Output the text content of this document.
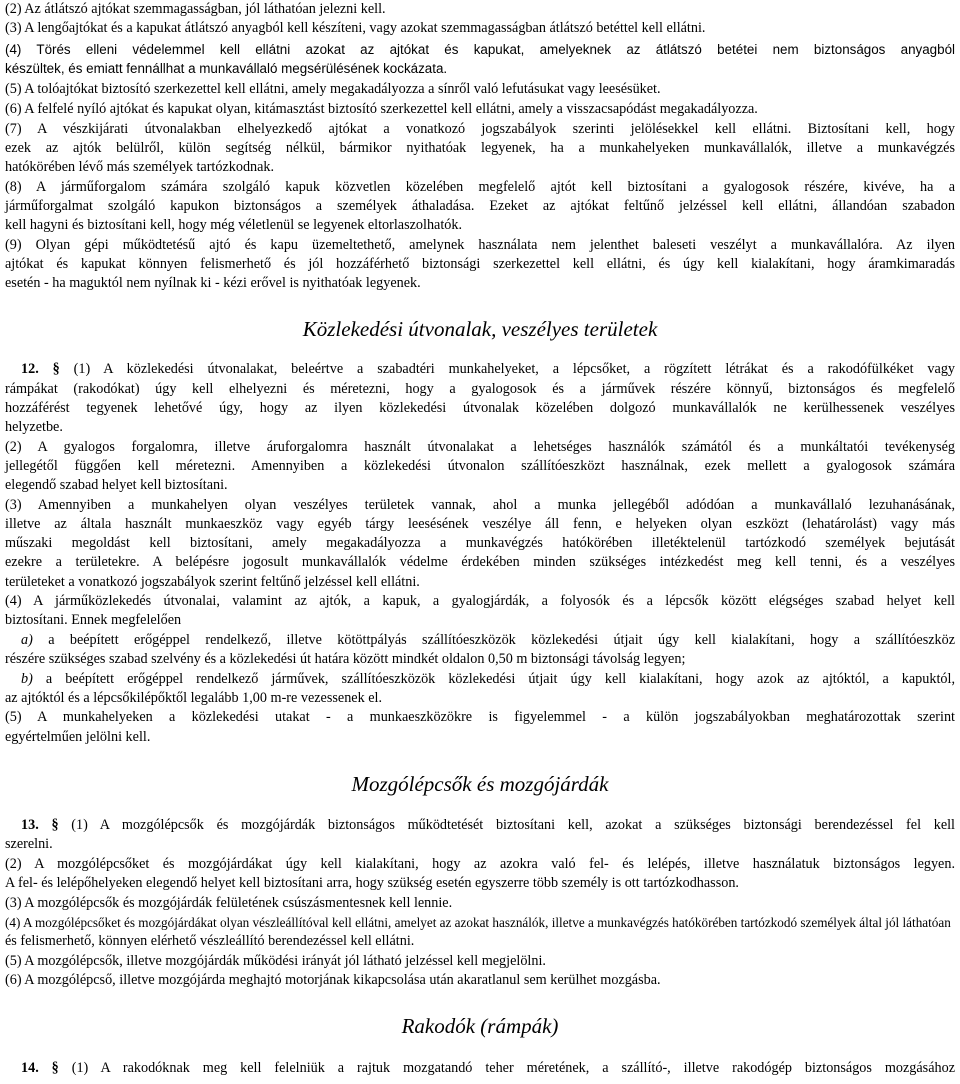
(2) Az átlátszó ajtókat szemmagasságban, jól láthatóan jelezni kell.
(3) A lengőajtókat és a kapukat átlátszó anyagból kell készíteni, vagy azokat szemmagasságban átlátszó betéttel kell ellátni.
(4) Törés elleni védelemmel kell ellátni azokat az ajtókat és kapukat, amelyeknek az átlátszó betétei nem biztonságos anyagból
készültek, és emiatt fennállhat a munkavállaló megsérülésének kockázata.
(5) A tolóajtókat biztosító szerkezettel kell ellátni, amely megakadályozza a sínről való lefutásukat vagy leesésüket.
(6) A felfelé nyíló ajtókat és kapukat olyan, kitámasztást biztosító szerkezettel kell ellátni, amely a visszacsapódást megakadályozza.
(7) A vészkijárati útvonalakban elhelyezkedő ajtókat a vonatkozó jogszabályok szerinti jelölésekkel kell ellátni. Biztosítani kell, hogy
ezek az ajtók belülről, külön segítség nélkül, bármikor nyithatóak legyenek, ha a munkahelyeken munkavállalók, illetve a munkavégzés
hatókörében lévő más személyek tartózkodnak.
(8) A járműforgalom számára szolgáló kapuk közvetlen közelében megfelelő ajtót kell biztosítani a gyalogosok részére, kivéve, ha a
járműforgalmat szolgáló kapukon biztonságos a személyek áthaladása. Ezeket az ajtókat feltűnő jelzéssel kell ellátni, állandóan szabadon
kell hagyni és biztosítani kell, hogy még véletlenül se legyenek eltorlaszolhatók.
(9) Olyan gépi működtetésű ajtó és kapu üzemeltethető, amelynek használata nem jelenthet baleseti veszélyt a munkavállalóra. Az ilyen
ajtókat és kapukat könnyen felismerhető és jól hozzáférhető biztonsági szerkezettel kell ellátni, és úgy kell kialakítani, hogy áramkimaradás
esetén - ha maguktól nem nyílnak ki - kézi erővel is nyithatóak legyenek.
Közlekedési útvonalak, veszélyes területek
12. § (1) A közlekedési útvonalakat, beleértve a szabadtéri munkahelyeket, a lépcsőket, a rögzített létrákat és a rakodófülkéket vagy
rámpákat (rakodókat) úgy kell elhelyezni és méretezni, hogy a gyalogosok és a járművek részére könnyű, biztonságos és megfelelő
hozzáférést tegyenek lehetővé úgy, hogy az ilyen közlekedési útvonalak közelében dolgozó munkavállalók ne kerülhessenek veszélyes
helyzetbe.
(2) A gyalogos forgalomra, illetve áruforgalomra használt útvonalakat a lehetséges használók számától és a munkáltatói tevékenység
jellegétől függően kell méretezni. Amennyiben a közlekedési útvonalon szállítóeszközt használnak, ezek mellett a gyalogosok számára
elegendő szabad helyet kell biztosítani.
(3) Amennyiben a munkahelyen olyan veszélyes területek vannak, ahol a munka jellegéből adódóan a munkavállaló lezuhanásának,
illetve az általa használt munkaeszköz vagy egyéb tárgy leesésének veszélye áll fenn, e helyeken olyan eszközt (lehatárolást) vagy más
műszaki megoldást kell biztosítani, amely megakadályozza a munkavégzés hatókörében illetéktelenül tartózkodó személyek bejutását
ezekre a területekre. A belépésre jogosult munkavállalók védelme érdekében minden szükséges intézkedést meg kell tenni, és a veszélyes
területeket a vonatkozó jogszabályok szerint feltűnő jelzéssel kell ellátni.
(4) A járműközlekedés útvonalai, valamint az ajtók, a kapuk, a gyalogjárdák, a folyosók és a lépcsők között elégséges szabad helyet kell
biztosítani. Ennek megfelelően
a) a beépített erőgéppel rendelkező, illetve kötöttpályás szállítóeszközök közlekedési útjait úgy kell kialakítani, hogy a szállítóeszköz
részére szükséges szabad szelvény és a közlekedési út határa között mindkét oldalon 0,50 m biztonsági távolság legyen;
b) a beépített erőgéppel rendelkező járművek, szállítóeszközök közlekedési útjait úgy kell kialakítani, hogy azok az ajtóktól, a kapuktól,
az ajtóktól és a lépcsőkilépőktől legalább 1,00 m-re vezessenek el.
(5) A munkahelyeken a közlekedési utakat - a munkaeszközökre is figyelemmel - a külön jogszabályokban meghatározottak szerint
egyértelműen jelölni kell.
Mozgólépcsők és mozgójárdák
13. § (1) A mozgólépcsők és mozgójárdák biztonságos működtetését biztosítani kell, azokat a szükséges biztonsági berendezéssel fel kell
szerelni.
(2) A mozgólépcsőket és mozgójárdákat úgy kell kialakítani, hogy az azokra való fel- és lelépés, illetve használatuk biztonságos legyen.
A fel- és lelépőhelyeken elegendő helyet kell biztosítani arra, hogy szükség esetén egyszerre több személy is ott tartózkodhasson.
(3) A mozgólépcsők és mozgójárdák felületének csúszásmentesnek kell lennie.
(4) A mozgólépcsőket és mozgójárdákat olyan vészleállítóval kell ellátni, amelyet az azokat használók, illetve a munkavégzés hatókörében tartózkodó személyek által jól láthatóan
és felismerhető, könnyen elérhető vészleállító berendezéssel kell ellátni.
(5) A mozgólépcsők, illetve mozgójárdák működési irányát jól látható jelzéssel kell megjelölni.
(6) A mozgólépcső, illetve mozgójárda meghajtó motorjának kikapcsolása után akaratlanul sem kerülhet mozgásba.
Rakodók (rámpák)
14. § (1) A rakodóknak meg kell felelniük a rajtuk mozgatandó teher méretének, a szállító-, illetve rakodógép biztonságos mozgásához
